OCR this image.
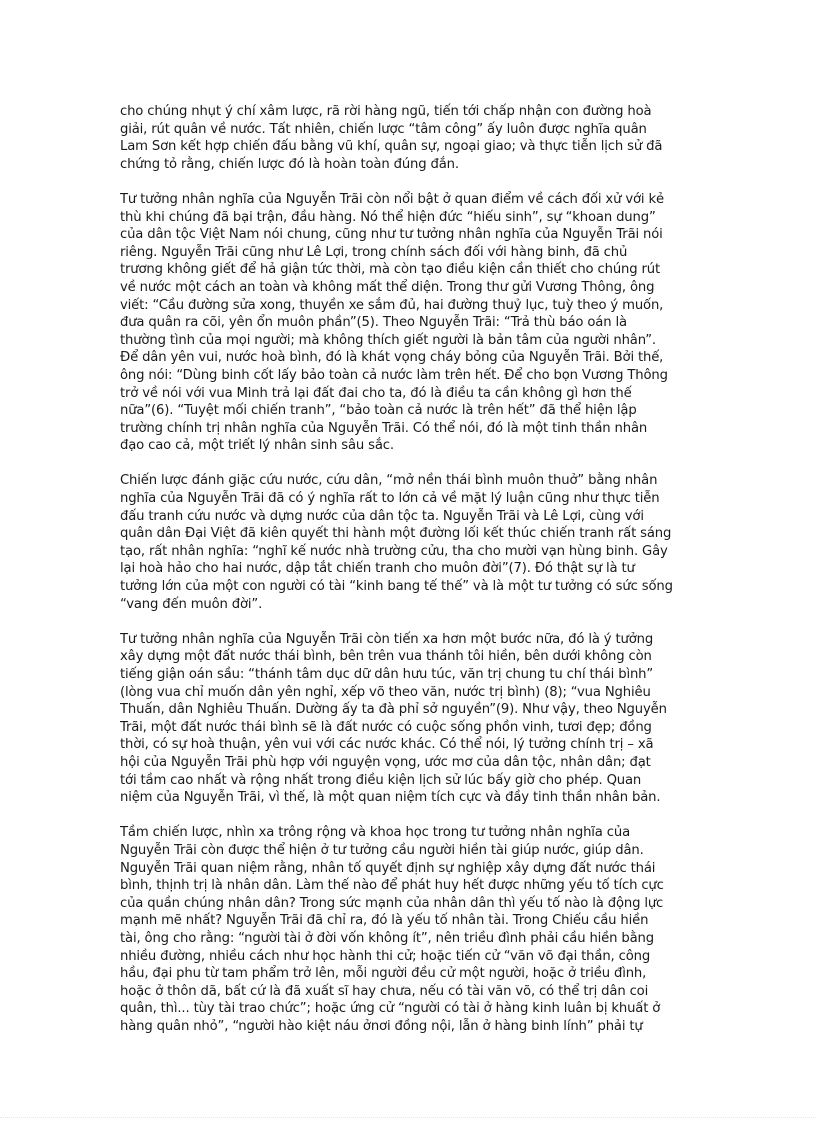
cho chúng nhụt ý chí xâm lược, rã rời hàng ngũ, tiến tới chấp nhận con đường hoà
giải, rút quân về nước. Tất nhiên, chiến lược “tâm công” ấy luôn được nghĩa quân
Lam Sơn kết hợp chiến đấu bằng vũ khí, quân sự, ngoại giao; và thực tiễn lịch sử đã
chứng tỏ rằng, chiến lược đó là hoàn toàn đúng đắn.

Tư tưởng nhân nghĩa của Nguyễn Trãi còn nổi bật ở quan điểm về cách đối xử với kẻ
thù khi chúng đã bại trận, đầu hàng. Nó thể hiện đức “hiếu sinh”, sự “khoan dung”
của dân tộc Việt Nam nói chung, cũng như tư tưởng nhân nghĩa của Nguyễn Trãi nói
riêng. Nguyễn Trãi cũng như Lê Lợi, trong chính sách đối với hàng binh, đã chủ
trương không giết để hả giận tức thời, mà còn tạo điều kiện cần thiết cho chúng rút
về nước một cách an toàn và không mất thể diện. Trong thư gửi Vương Thông, ông
viết: “Cầu đường sửa xong, thuyền xe sắm đủ, hai đường thuỷ lục, tuỳ theo ý muốn,
đưa quân ra cõi, yên ổn muôn phần”(5). Theo Nguyễn Trãi: “Trả thù báo oán là
thường tình của mọi người; mà không thích giết người là bản tâm của người nhân”.
Để dân yên vui, nước hoà bình, đó là khát vọng cháy bỏng của Nguyễn Trãi. Bởi thế,
ông nói: “Dùng binh cốt lấy bảo toàn cả nước làm trên hết. Để cho bọn Vương Thông
trở về nói với vua Minh trả lại đất đai cho ta, đó là điều ta cần không gì hơn thế
nữa”(6). “Tuyệt mối chiến tranh”, “bảo toàn cả nước là trên hết” đã thể hiện lập
trường chính trị nhân nghĩa của Nguyễn Trãi. Có thể nói, đó là một tinh thần nhân
đạo cao cả, một triết lý nhân sinh sâu sắc.

Chiến lược đánh giặc cứu nước, cứu dân, “mở nền thái bình muôn thuở” bằng nhân
nghĩa của Nguyễn Trãi đã có ý nghĩa rất to lớn cả về mặt lý luận cũng như thực tiễn
đấu tranh cứu nước và dựng nước của dân tộc ta. Nguyễn Trãi và Lê Lợi, cùng với
quân dân Đại Việt đã kiên quyết thi hành một đường lối kết thúc chiến tranh rất sáng
tạo, rất nhân nghĩa: “nghĩ kế nước nhà trường cửu, tha cho mười vạn hùng binh. Gây
lại hoà hảo cho hai nước, dập tắt chiến tranh cho muôn đời”(7). Đó thật sự là tư
tưởng lớn của một con người có tài “kinh bang tế thế” và là một tư tưởng có sức sống
“vang đến muôn đời”.

Tư tưởng nhân nghĩa của Nguyễn Trãi còn tiến xa hơn một bước nữa, đó là ý tưởng
xây dựng một đất nước thái bình, bên trên vua thánh tôi hiền, bên dưới không còn
tiếng giận oán sầu: “thánh tâm dục dữ dân hưu túc, văn trị chung tu chí thái bình”
(lòng vua chỉ muốn dân yên nghỉ, xếp võ theo văn, nước trị bình) (8); “vua Nghiêu
Thuấn, dân Nghiêu Thuấn. Dường ấy ta đà phỉ sở nguyền”(9). Như vậy, theo Nguyễn
Trãi, một đất nước thái bình sẽ là đất nước có cuộc sống phồn vinh, tươi đẹp; đồng
thời, có sự hoà thuận, yên vui với các nước khác. Có thể nói, lý tưởng chính trị – xã
hội của Nguyễn Trãi phù hợp với nguyện vọng, ước mơ của dân tộc, nhân dân; đạt
tới tầm cao nhất và rộng nhất trong điều kiện lịch sử lúc bấy giờ cho phép. Quan
niệm của Nguyễn Trãi, vì thế, là một quan niệm tích cực và đầy tinh thần nhân bản.

Tầm chiến lược, nhìn xa trông rộng và khoa học trong tư tưởng nhân nghĩa của
Nguyễn Trãi còn được thể hiện ở tư tưởng cầu người hiền tài giúp nước, giúp dân.
Nguyễn Trãi quan niệm rằng, nhân tố quyết định sự nghiệp xây dựng đất nước thái
bình, thịnh trị là nhân dân. Làm thế nào để phát huy hết được những yếu tố tích cực
của quần chúng nhân dân? Trong sức mạnh của nhân dân thì yếu tố nào là động lực
mạnh mẽ nhất? Nguyễn Trãi đã chỉ ra, đó là yếu tố nhân tài. Trong Chiếu cầu hiền
tài, ông cho rằng: “người tài ở đời vốn không ít”, nên triều đình phải cầu hiền bằng
nhiều đường, nhiều cách như học hành thi cử; hoặc tiến cử “văn võ đại thần, công
hầu, đại phu từ tam phẩm trở lên, mỗi người đều cử một người, hoặc ở triều đình,
hoặc ở thôn dã, bất cứ là đã xuất sĩ hay chưa, nếu có tài văn võ, có thể trị dân coi
quân, thì... tùy tài trao chức”; hoặc ứng cử “người có tài ở hàng kinh luân bị khuất ở
hàng quân nhỏ”, “người hào kiệt náu ởnơi đồng nội, lẫn ở hàng binh lính” phải tự
